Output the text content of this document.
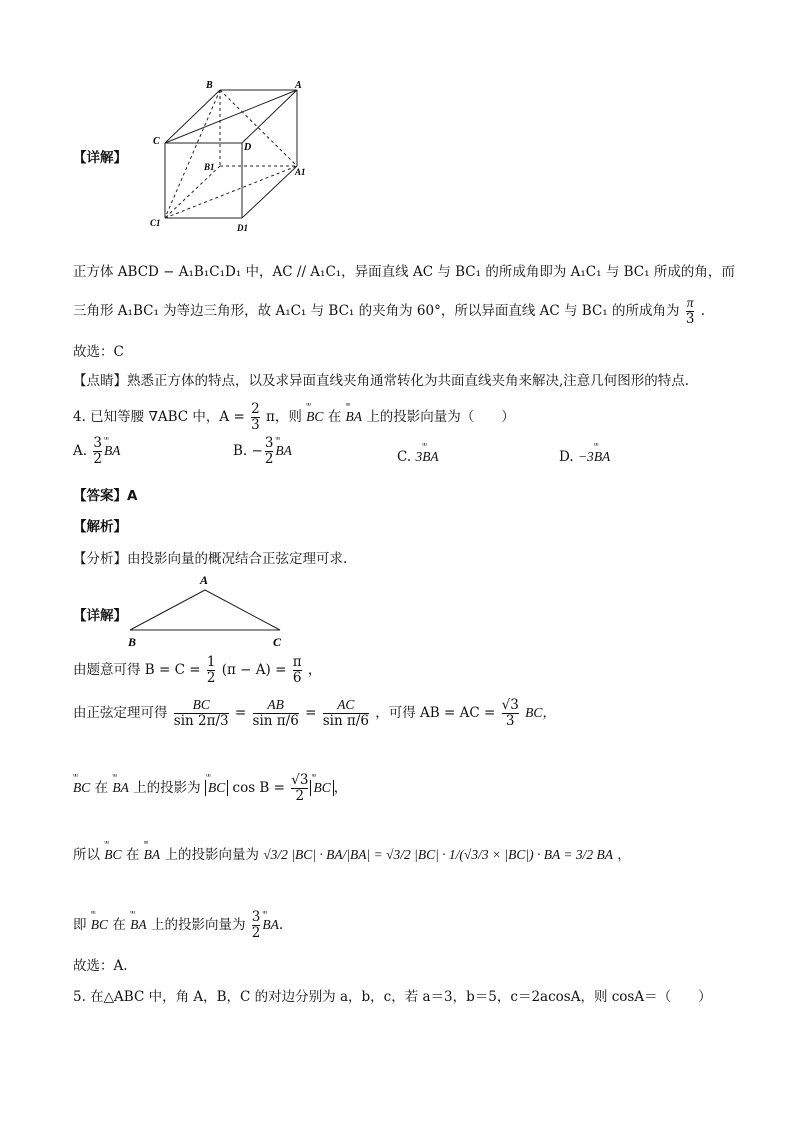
B	A
C
D
B1	A1
C1	D1
【详解】
正方体 ABCD − A₁B₁C₁D₁ 中，AC // A₁C₁，异面直线 AC 与 BC₁ 的所成角即为 A₁C₁ 与 BC₁ 所成的角，而
三角形 A₁BC₁ 为等边三角形，故 A₁C₁ 与 BC₁ 的夹角为 60°，所以异面直线 AC 与 BC₁ 的所成角为 $\frac{\pi}{3}$ .
故选：C
【点睛】熟悉正方体的特点，以及求异面直线夹角通常转化为共面直线夹角来解决,注意几何图形的特点.
4. 已知等腰 ∇ABC 中，$A = \frac{2}{3}$ π，则 ᵘᵘ BC 在 ᵘᵘ BA 上的投影向量为（　　）
A. $\frac{3}{2}$ ᵘᵘ BA	B. − $\frac{3}{2}$ ᵘᵘ BA	C. 3ᵘᵘ BA	D. −3ᵘᵘ BA
【答案】A
【解析】
【分析】由投影向量的概况结合正弦定理可求.
A
B	C
【详解】
由题意可得 $B = C = \frac{1}{2} (\pi - A) = \frac{\pi}{6}$ ，
由正弦定理可得 $\frac{BC}{\sin 2\pi/3} = \frac{AB}{\text{sin π/6}} = \frac{AC}{\text{sin π/6}}$ ，可得 AB = AC = $\frac{√3}{3}$ BC，
ᵘᵘ BC 在 ᵘᵘ BA 上的投影为 ᵘᵘ BC $\cos B = \frac{√3}{2}$ ᵘᵘ BC ，
所以 ᵘᵘ BC 在 ᵘᵘ BA 上的投影向量为 √3/2 |BC| · BA/|BA| = √3/2 |BC| · 1/(√3/3 × |BC|) · BA = 3/2 BA ，
即 ᵘᵘ BC 在 ᵘᵘ BA 上的投影向量为 $\frac{3}{2}$ ᵘᵘ BA.
故选：A.
5. 在△ABC 中，角 A，B，C 的对边分别为 a，b，c，若 a＝3，b＝5，c＝2acosA，则 cosA＝（　　）
